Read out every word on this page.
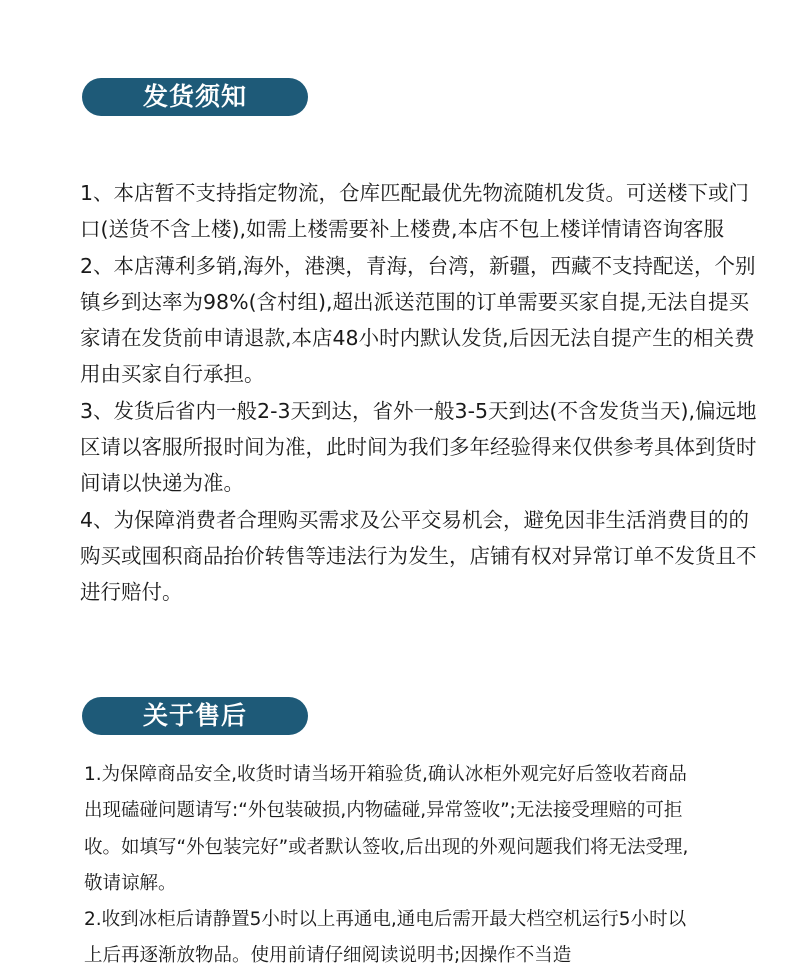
发货须知

1、本店暂不支持指定物流，仓库匹配最优先物流随机发货。可送楼下或门口(送货不含上楼),如需上楼需要补上楼费,本店不包上楼详情请咨询客服

2、本店薄利多销,海外，港澳，青海，台湾，新疆，西藏不支持配送，个别镇乡到达率为98%(含村组),超出派送范围的订单需要买家自提,无法自提买家请在发货前申请退款,本店48小时内默认发货,后因无法自提产生的相关费用由买家自行承担。

3、发货后省内一般2-3天到达，省外一般3-5天到达(不含发货当天),偏远地区请以客服所报时间为准，此时间为我们多年经验得来仅供参考具体到货时间请以快递为准。

4、为保障消费者合理购买需求及公平交易机会，避免因非生活消费目的的购买或囤积商品抬价转售等违法行为发生，店铺有权对异常订单不发货且不进行赔付。

关于售后

1.为保障商品安全,收货时请当场开箱验货,确认冰柜外观完好后签收若商品出现磕碰问题请写:“外包装破损,内物磕碰,异常签收”;无法接受理赔的可拒收。如填写“外包装完好”或者默认签收,后出现的外观问题我们将无法受理,敬请谅解。

2.收到冰柜后请静置5小时以上再通电,通电后需开最大档空机运行5小时以上后再逐渐放物品。使用前请仔细阅读说明书;因操作不当造
